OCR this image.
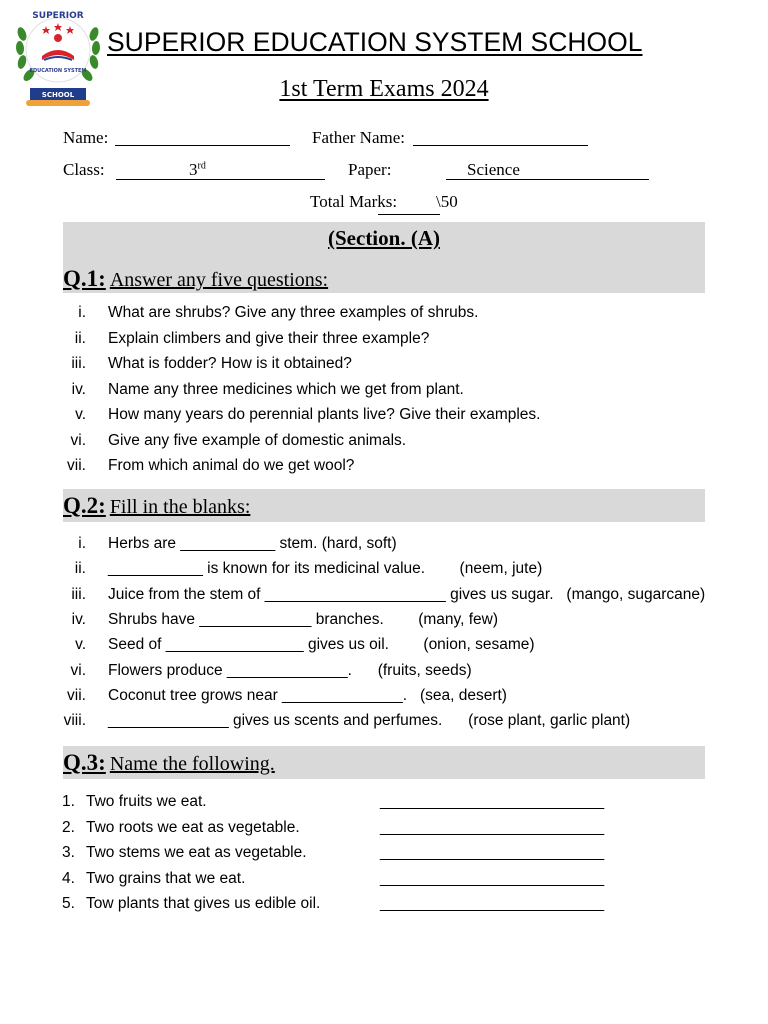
SUPERIOR
EDUCATION SYSTEM
SCHOOL
SUPERIOR EDUCATION SYSTEM SCHOOL
1st Term Exams 2024
Name:	Father Name:
Class:	3rd	Paper:	Science
Total Marks: \50
(Section. (A)
Q.1: Answer any five questions:
i. What are shrubs? Give any three examples of shrubs.
ii. Explain climbers and give their three example?
iii. What is fodder? How is it obtained?
iv. Name any three medicines which we get from plant.
v. How many years do perennial plants live? Give their examples.
vi. Give any five example of domestic animals.
vii. From which animal do we get wool?
Q.2: Fill in the blanks:
i. Herbs are ___________ stem. (hard, soft)
ii. ___________ is known for its medicinal value.        (neem, jute)
iii. Juice from the stem of _____________________ gives us sugar.   (mango, sugarcane)
iv. Shrubs have _____________ branches.        (many, few)
v. Seed of ________________ gives us oil.        (onion, sesame)
vi. Flowers produce ______________.      (fruits, seeds)
vii. Coconut tree grows near ______________.   (sea, desert)
viii. ______________ gives us scents and perfumes.      (rose plant, garlic plant)
Q.3: Name the following.
1. Two fruits we eat.	__________________________
2. Two roots we eat as vegetable.	__________________________
3. Two stems we eat as vegetable.	__________________________
4. Two grains that we eat.	__________________________
5. Tow plants that gives us edible oil.	__________________________
